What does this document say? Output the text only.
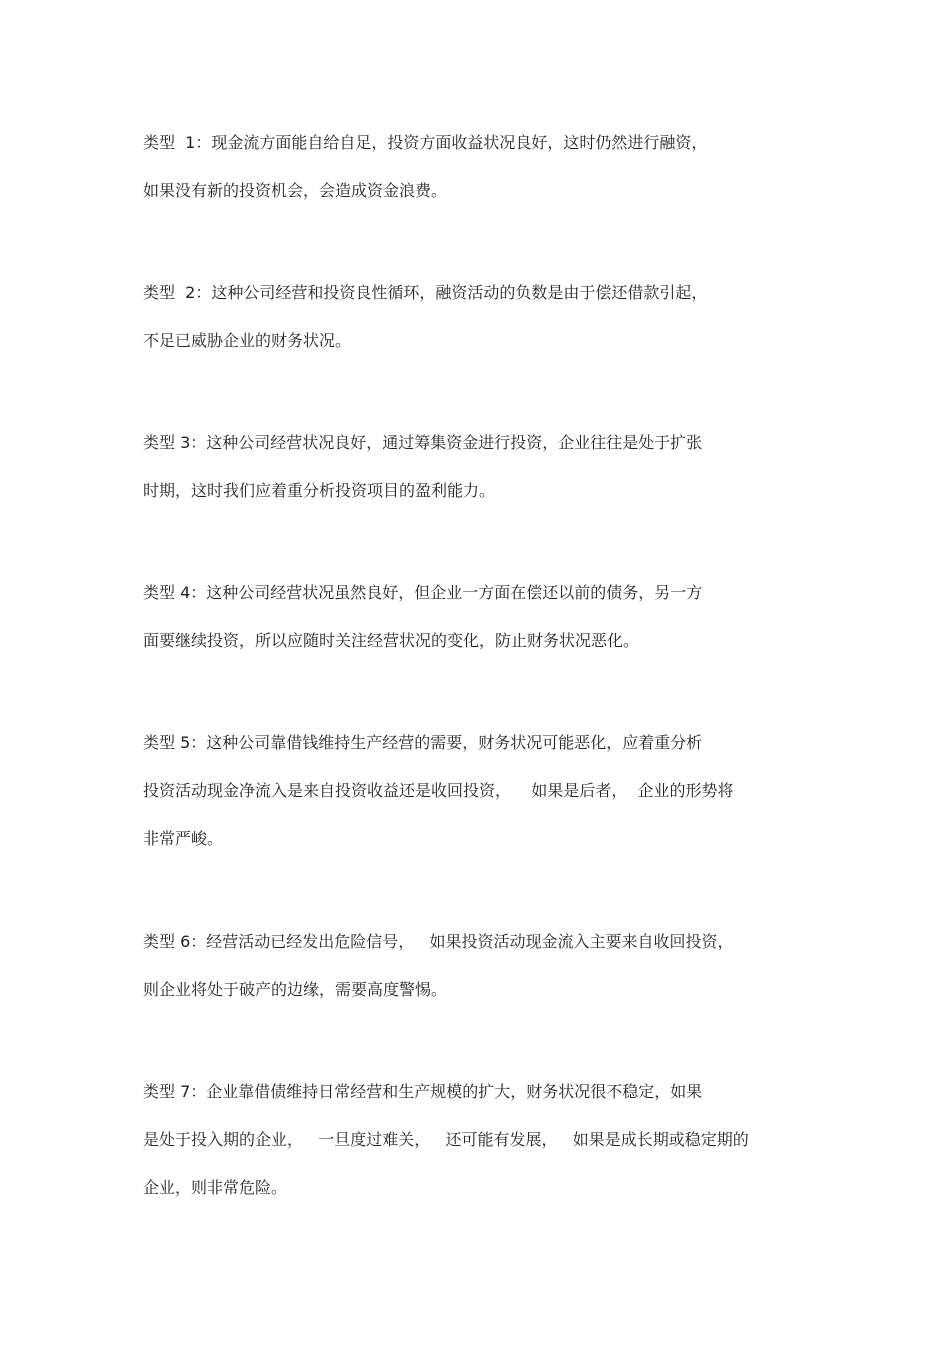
类型  1：现金流方面能自给自足，投资方面收益状况良好，这时仍然进行融资，
如果没有新的投资机会，会造成资金浪费。
类型  2：这种公司经营和投资良性循环，融资活动的负数是由于偿还借款引起，
不足已威胁企业的财务状况。
类型 3：这种公司经营状况良好，通过筹集资金进行投资，企业往往是处于扩张
时期，这时我们应着重分析投资项目的盈利能力。
类型 4：这种公司经营状况虽然良好，但企业一方面在偿还以前的债务，另一方
面要继续投资，所以应随时关注经营状况的变化，防止财务状况恶化。
类型 5：这种公司靠借钱维持生产经营的需要，财务状况可能恶化，应着重分析
投资活动现金净流入是来自投资收益还是收回投资，    如果是后者，  企业的形势将
非常严峻。
类型 6：经营活动已经发出危险信号，   如果投资活动现金流入主要来自收回投资，
则企业将处于破产的边缘，需要高度警惕。
类型 7：企业靠借债维持日常经营和生产规模的扩大，财务状况很不稳定，如果
是处于投入期的企业，   一旦度过难关，   还可能有发展，   如果是成长期或稳定期的
企业，则非常危险。
